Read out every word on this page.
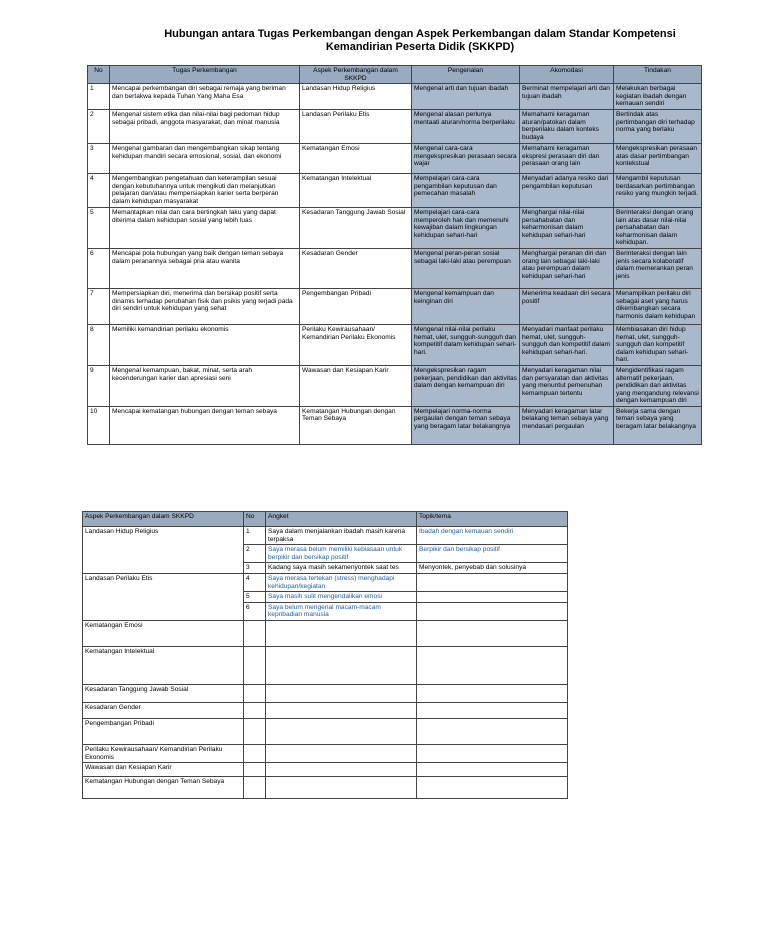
Hubungan antara Tugas Perkembangan dengan Aspek Perkembangan dalam Standar Kompetensi
Kemandirian Peserta Didik (SKKPD)
No	Tugas Perkembangan	Aspek Perkembangan dalam SKKPD	Pengenalan	Akomodasi	Tindakan
1	Mencapai perkembangan diri sebagai remaja yang beriman dan bertakwa kepada Tuhan Yang Maha Esa	Landasan Hidup Religius	Mengenal arti dan tujuan ibadah	Berminat mempelajari arti dan tujuan ibadah	Melakukan berbagai kegiatan ibadah dengan kemauan sendiri
2	Mengenal sistem etika dan nilai-nilai bagi pedoman hidup sebagai pribadi, anggota masyarakat, dan minat manusia	Landasan Perilaku Etis	Mengenal alasan perlunya mentaati aturan/norma berperilaku	Memahami keragaman aturan/patokan dalam berperilaku dalam konteks budaya	Bertindak atas pertimbangan diri terhadap norma yang berlaku
3	Mengenal gambaran dan mengembangkan sikap tentang kehidupan mandiri secara emosional, sosial, dan ekonomi	Kematangan Emosi	Mengenal cara-cara mengekspresikan perasaan secara wajar	Memahami keragaman ekspresi perasaan diri dan perasaan orang lain	Mengekspresikan perasaan atas dasar pertimbangan kontekstual
4	Mengembangkan pengetahuan dan keterampilan sesuai dengan kebutuhannya untuk mengikuti dan melanjutkan pelajaran dan/atau mempersiapkan karier serta berperan dalam kehidupan masyarakat	Kematangan Intelektual	Mempelajari cara-cara pengambilan keputusan dan pemecahan masalah	Menyadari adanya resiko dari pengambilan keputusan	Mengambil keputusan berdasarkan pertimbangan resiko yang mungkin terjadi.
5	Memantapkan nilai dan cara bertingkah laku yang dapat diterima dalam kehidupan sosial yang lebih luas	Kesadaran Tanggung Jawab Sosial	Mempelajari cara-cara memperoleh hak dan memenuhi kewajiban dalam lingkungan kehidupan sehari-hari	Menghargai nilai-nilai persahabatan dan keharmonisan dalam kehidupan sehari-hari	Berinteraksi dengan orang lain atas dasar nilai-nilai persahabatan dan keharmonisan dalam kehidupan.
6	Mencapai pola hubungan yang baik dengan teman sebaya dalam peranannya sebagai pria atau wanita	Kesadaran Gender	Mengenal peran-peran sosial sebagai laki-laki atau perempuan	Menghargai peranan diri dan orang lain sebagai laki-laki atau perempuan dalam kehidupan sehari-hari	Berinteraksi dengan lain jenis secara kolaboratif dalam memerankan peran jenis
7	Mempersiapkan diri, menerima dan bersikap positif serta dinamis terhadap perubahan fisik dan psikis yang terjadi pada diri sendiri untuk kehidupan yang sehat	Pengembangan Pribadi	Mengenal kemampuan dan keinginan diri	Menerima keadaan diri secara positif	Menampilkan perilaku diri sebagai aset yang harus dikembangkan secara harmonis dalam kehidupan
8	Memiliki kemandirian perilaku ekonomis	Perilaku Kewirausahaan/ Kemandirian Perilaku Ekonomis	Mengenal nilai-nilai perilaku hemat, ulet, sungguh-sungguh dan kompetitif dalam kehidupan sehari-hari.	Menyadari manfaat perilaku hemat, ulet, sungguh-sungguh dan kompetitif dalam kehidupan sehari-hari.	Membiasakan diri hidup hemat, ulet, sungguh-sungguh dan kompetitif dalam kehidupan sehari-hari.
9	Mengenal kemampuan, bakat, minat, serta arah kecenderungan karier dan apresiasi seni	Wawasan dan Kesiapan Karir	Mengekspresikan ragam pekerjaan, pendidikan dan aktivitas dalam dengan kemampuan diri	Menyadari keragaman nilai dan persyaratan dan aktivitas yang menuntut pemenuhan kemampuan tertentu	Mengidentifikasi ragam alternatif pekerjaan, pendidikan dan aktivitas yang mengandung relevansi dengan kemampuan diri
10	Mencapai kematangan hubungan dengan teman sebaya	Kematangan Hubungan dengan Teman Sebaya	Mempelajari norma-norma pergaulan dengan teman sebaya yang beragam latar belakangnya	Menyadari keragaman latar belakang teman sebaya yang mendasari pergaulan	Bekerja sama dengan teman sebaya yang beragam latar belakangnya
Aspek Perkembangan dalam SKKPD	No	Angket	Topik/tema
Landasan Hidup Religius	1	Saya dalam menjalankan ibadah masih karena terpaksa	Ibadah dengan kemauan sendiri
	2	Saya merasa belum memiliki kebiasaan untuk berpikir dan bersikap positif	Berpikir dan bersikap positif
	3	Kadang saya masih sekamenyontek saat tes	Menyontek, penyebab dan solusinya
Landasan Perilaku Etis	4	Saya merasa tertekan (stress) menghadapi kehidupan/kegiatan	
	5	Saya masih sulit mengendalikan emosi	
	6	Saya belum mengenal macam-macam kepribadian manusia	
Kematangan Emosi			
Kematangan Intelektual			
Kesadaran Tanggung Jawab Sosial			
Kesadaran Gender			
Pengembangan Pribadi			
Perilaku Kewirausahaan/ Kemandirian Perilaku Ekonomis			
Wawasan dan Kesiapan Karir			
Kematangan Hubungan dengan Teman Sebaya			
